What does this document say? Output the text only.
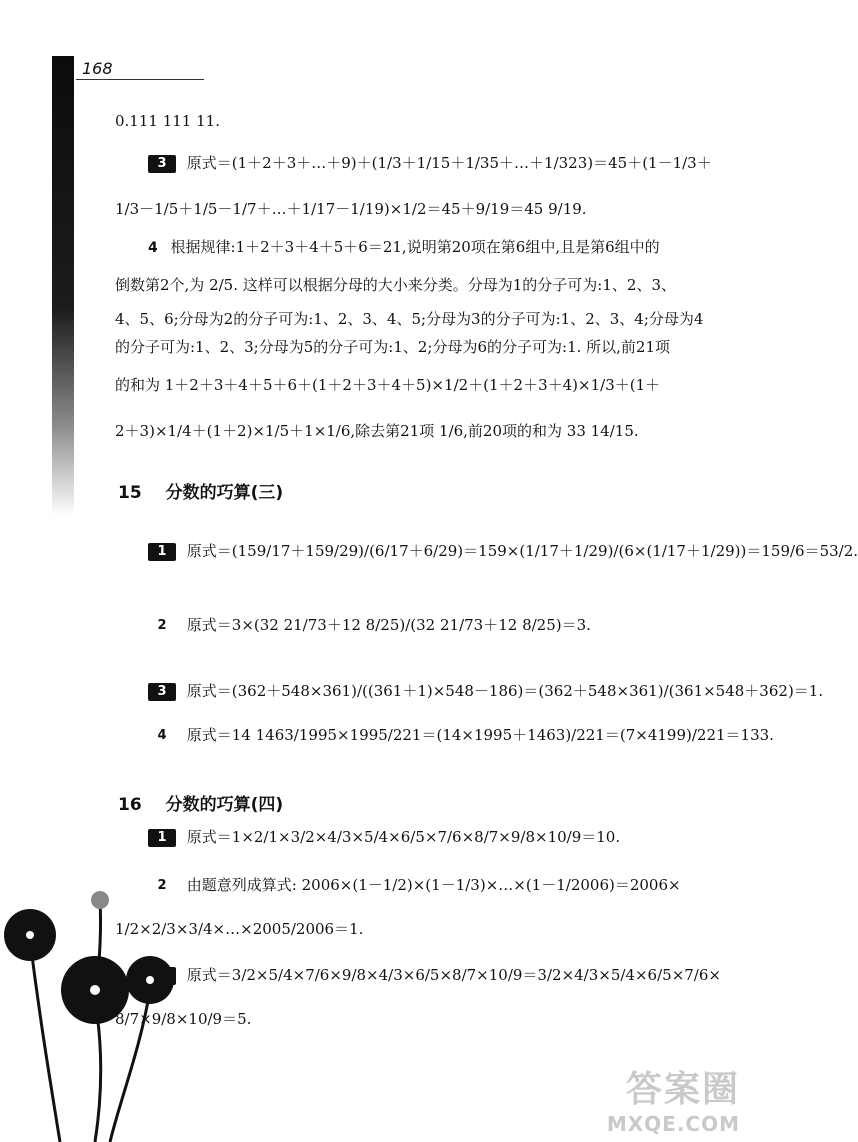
168
0.111 111 11.
3 原式＝(1＋2＋3＋…＋9)＋(1/3＋1/15＋1/35＋…＋1/323)＝45＋(1－1/3＋
1/3－1/5＋1/5－1/7＋…＋1/17－1/19)×1/2＝45＋9/19＝45 9/19.
4 根据规律:1＋2＋3＋4＋5＋6＝21,说明第20项在第6组中,且是第6组中的
倒数第2个,为 2/5. 这样可以根据分母的大小来分类。分母为1的分子可为:1、2、3、
4、5、6;分母为2的分子可为:1、2、3、4、5;分母为3的分子可为:1、2、3、4;分母为4
的分子可为:1、2、3;分母为5的分子可为:1、2;分母为6的分子可为:1. 所以,前21项
的和为 1＋2＋3＋4＋5＋6＋(1＋2＋3＋4＋5)×1/2＋(1＋2＋3＋4)×1/3＋(1＋
2＋3)×1/4＋(1＋2)×1/5＋1×1/6,除去第21项 1/6,前20项的和为 33 14/15.
15 分数的巧算(三)
1 原式＝(159/17＋159/29)/(6/17＋6/29)＝159×(1/17＋1/29)/(6×(1/17＋1/29))＝159/6＝53/2.
2 原式＝3×(32 21/73＋12 8/25)/(32 21/73＋12 8/25)＝3.
3 原式＝(362＋548×361)/((361＋1)×548－186)＝(362＋548×361)/(361×548＋362)＝1.
4 原式＝14 1463/1995×1995/221＝(14×1995＋1463)/221＝(7×4199)/221＝133.
16 分数的巧算(四)
1 原式＝1×2/1×3/2×4/3×5/4×6/5×7/6×8/7×9/8×10/9＝10.
2 由题意列成算式: 2006×(1－1/2)×(1－1/3)×…×(1－1/2006)＝2006×
1/2×2/3×3/4×…×2005/2006＝1.
原式＝3/2×5/4×7/6×9/8×4/3×6/5×8/7×10/9＝3/2×4/3×5/4×6/5×7/6×
8/7×9/8×10/9＝5.
答案圈
MXQE.COM
